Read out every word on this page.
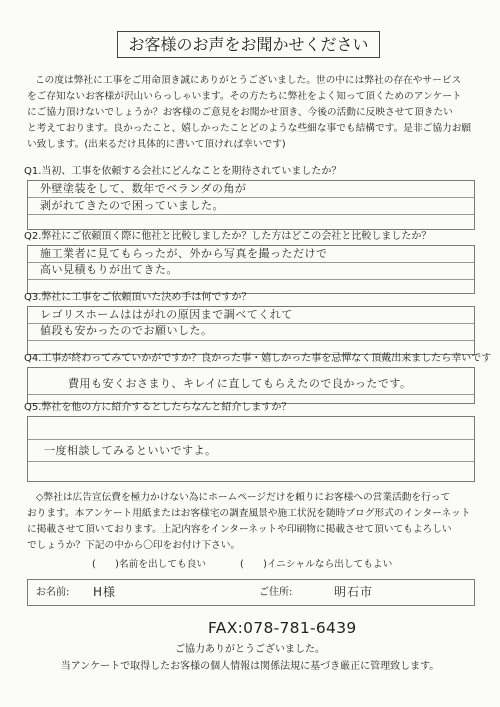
お客様のお声をお聞かせください
この度は弊社に工事をご用命頂き誠にありがとうございました。世の中には弊社の存在やサービス
をご存知ないお客様が沢山いらっしゃいます。その方たちに弊社をよく知って頂くためのアンケート
にご協力頂けないでしょうか？お客様のご意見をお聞かせ頂き、今後の活動に反映させて頂きたい
と考えております。良かったこと、嬉しかったことどのような些細な事でも結構です。是非ご協力お願
い致します。(出来るだけ具体的に書いて頂ければ幸いです)
Q1.当初、工事を依頼する会社にどんなことを期待されていましたか？
外壁塗装をして、数年でベランダの角が
剥がれてきたので困っていました。
Q2.弊社にご依頼頂く際に他社と比較しましたか？した方はどこの会社と比較しましたか？
施工業者に見てもらったが、外から写真を撮っただけで
高い見積もりが出てきた。
Q3.弊社に工事をご依頼頂いた決め手は何ですか？
レゴリスホームははがれの原因まで調べてくれて
値段も安かったのでお願いした。
Q4.工事が終わってみていかがですか？良かった事・嬉しかった事を忌憚なく頂戴出来ましたら幸いです
費用も安くおさまり、キレイに直してもらえたので良かったです。
Q5.弊社を他の方に紹介するとしたらなんと紹介しますか？
一度相談してみるといいですよ。
◇弊社は広告宣伝費を極力かけない為にホームページだけを頼りにお客様への営業活動を行って
おります。本アンケート用紙またはお客様宅の調査風景や施工状況を随時ブログ形式のインターネット
に掲載させて頂いております。上記内容をインターネットや印刷物に掲載させて頂いてもよろしい
でしょうか？下記の中から〇印をお付け下さい。
(　　)名前を出しても良い	(　　)イニシャルなら出してもよい
お名前: H様	ご住所:	明石市
FAX:078-781-6439
ご協力ありがとうございました。
当アンケートで取得したお客様の個人情報は関係法規に基づき厳正に管理致します。
